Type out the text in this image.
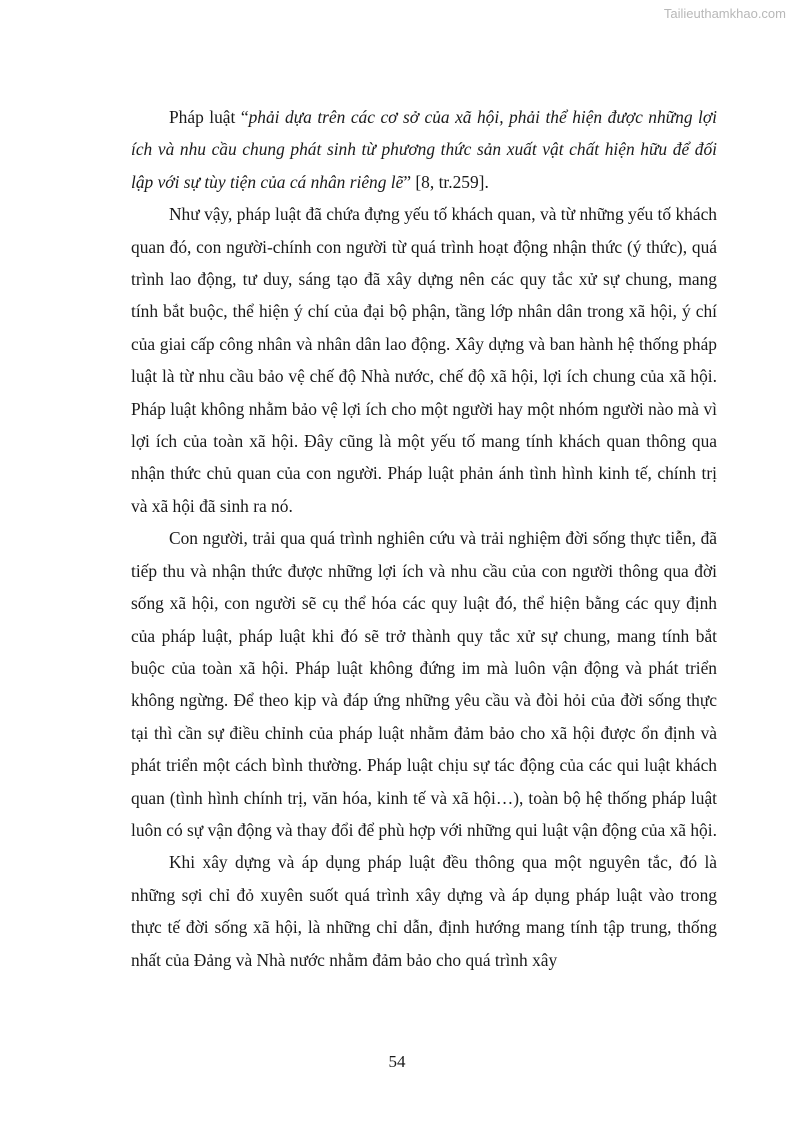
Tailieuthamkhao.com

Pháp luật “phải dựa trên các cơ sở của xã hội, phải thể hiện được những lợi ích và nhu cầu chung phát sinh từ phương thức sản xuất vật chất hiện hữu để đối lập với sự tùy tiện của cá nhân riêng lẽ” [8, tr.259].

Như vậy, pháp luật đã chứa đựng yếu tố khách quan, và từ những yếu tố khách quan đó, con người-chính con người từ quá trình hoạt động nhận thức (ý thức), quá trình lao động, tư duy, sáng tạo đã xây dựng nên các quy tắc xử sự chung, mang tính bắt buộc, thể hiện ý chí của đại bộ phận, tầng lớp nhân dân trong xã hội, ý chí của giai cấp công nhân và nhân dân lao động. Xây dựng và ban hành hệ thống pháp luật là từ nhu cầu bảo vệ chế độ Nhà nước, chế độ xã hội, lợi ích chung của xã hội. Pháp luật không nhằm bảo vệ lợi ích cho một người hay một nhóm người nào mà vì lợi ích của toàn xã hội. Đây cũng là một yếu tố mang tính khách quan thông qua nhận thức chủ quan của con người. Pháp luật phản ánh tình hình kinh tế, chính trị và xã hội đã sinh ra nó.

Con người, trải qua quá trình nghiên cứu và trải nghiệm đời sống thực tiễn, đã tiếp thu và nhận thức được những lợi ích và nhu cầu của con người thông qua đời sống xã hội, con người sẽ cụ thể hóa các quy luật đó, thể hiện bằng các quy định của pháp luật, pháp luật khi đó sẽ trở thành quy tắc xử sự chung, mang tính bắt buộc của toàn xã hội. Pháp luật không đứng im mà luôn vận động và phát triển không ngừng. Để theo kịp và đáp ứng những yêu cầu và đòi hỏi của đời sống thực tại thì cần sự điều chỉnh của pháp luật nhằm đảm bảo cho xã hội được ổn định và phát triển một cách bình thường. Pháp luật chịu sự tác động của các qui luật khách quan (tình hình chính trị, văn hóa, kinh tế và xã hội…), toàn bộ hệ thống pháp luật luôn có sự vận động và thay đổi để phù hợp với những qui luật vận động của xã hội.

Khi xây dựng và áp dụng pháp luật đều thông qua một nguyên tắc, đó là những sợi chỉ đỏ xuyên suốt quá trình xây dựng và áp dụng pháp luật vào trong thực tế đời sống xã hội, là những chỉ dẫn, định hướng mang tính tập trung, thống nhất của Đảng và Nhà nước nhằm đảm bảo cho quá trình xây

54
